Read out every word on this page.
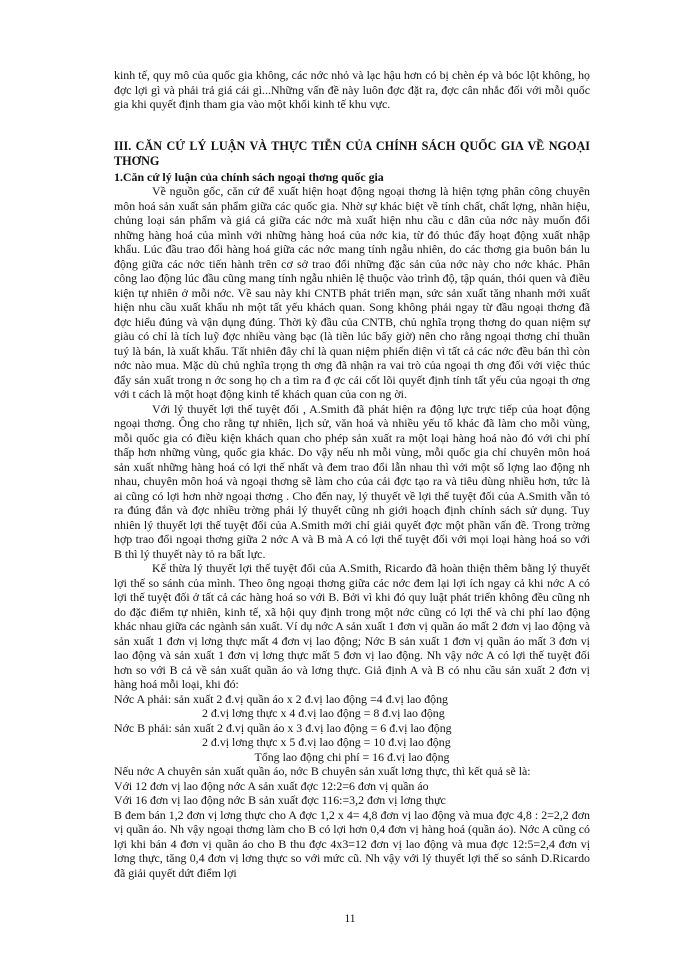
kinh tế, quy mô của quốc gia không, các nớc nhỏ và lạc hậu hơn có bị chèn ép và bóc lột không, họ đợc lợi gì và phải trả giá cái gì...Những vấn đề này luôn đợc đặt ra, đợc cân nhắc đối với mỗi quốc gia khi quyết định tham gia vào một khối kinh tế khu vực.

III. CĂN CỨ LÝ LUẬN VÀ THỰC TIỄN CỦA CHÍNH SÁCH QUỐC GIA VỀ NGOẠI THƠNG

1.Căn cứ lý luận của chính sách ngoại thơng quốc gia

Về nguồn gốc, căn cứ để xuất hiện hoạt động ngoại thơng là hiện tợng phân công chuyên môn hoá sản xuất sản phẩm giữa các quốc gia. Nhờ sự khác biệt về tính chất, chất lợng, nhãn hiệu, chủng loại sản phẩm và giá cả giữa các nớc mà xuất hiện nhu cầu c dân của nớc này muốn đổi những hàng hoá của mình với những hàng hoá của nớc kia, từ đó thúc đẩy hoạt động xuất nhập khẩu. Lúc đầu trao đổi hàng hoá giữa các nớc mang tính ngẫu nhiên, do các thơng gia buôn bán lu động giữa các nớc tiến hành trên cơ sở trao đổi những đặc sản của nớc này cho nớc khác. Phân công lao động lúc đầu cũng mang tính ngẫu nhiên lệ thuộc vào trình độ, tập quán, thói quen và điều kiện tự nhiên ở mỗi nớc. Về sau này khi CNTB phát triển mạn, sức sản xuất tăng nhanh mới xuất hiện nhu cầu xuất khẩu nh một tất yếu khách quan. Song không phải ngay từ đầu ngoại thơng đã đợc hiểu đúng và vận dụng đúng. Thời kỳ đầu của CNTB, chủ nghĩa trọng thơng do quan niệm sự giàu có chỉ là tích luỹ đợc nhiều vàng bạc (là tiền lúc bấy giờ) nên cho rằng ngoại thơng chỉ thuần tuý là bán, là xuất khẩu. Tất nhiên đây chỉ là quan niệm phiến diện vì tất cả các nớc đều bán thì còn nớc nào mua. Mặc dù chủ nghĩa trọng th ơng đã nhận ra vai trò của ngoại th ơng đối với việc thúc đẩy sản xuất trong n ớc song họ ch a tìm ra đ ợc cái cốt lõi quyết định tính tất yếu của ngoại th ơng với t cách là một hoạt động kinh tế khách quan của con ng ời.

Với lý thuyết lợi thế tuyệt đối , A.Smith đã phát hiện ra động lực trực tiếp của hoạt động ngoại thơng. Ông cho rằng tự nhiên, lịch sử, văn hoá và nhiều yếu tố khác đã làm cho mỗi vùng, mỗi quốc gia có điều kiện khách quan cho phép sản xuất ra một loại hàng hoá nào đó với chi phí thấp hơn những vùng, quốc gia khác. Do vậy nếu nh mỗi vùng, mỗi quốc gia chỉ chuyên môn hoá sản xuất những hàng hoá có lợi thế nhất và đem trao đổi lẫn nhau thì với một số lợng lao động nh nhau, chuyên môn hoá và ngoại thơng sẽ làm cho của cải đợc tạo ra và tiêu dùng nhiều hơn, tức là ai cũng có lợi hơn nhờ ngoại thơng . Cho đến nay, lý thuyết về lợi thế tuyệt đối của A.Smith vẫn tỏ ra đúng đắn và đợc nhiều trờng phái lý thuyết cũng nh giới hoạch định chính sách sử dụng. Tuy nhiên lý thuyết lợi thế tuyệt đối của A.Smith mới chỉ giải quyết đợc một phần vấn đề. Trong trờng hợp trao đổi ngoại thơng giữa 2 nớc A và B mà A có lợi thế tuyệt đối với mọi loại hàng hoá so với B thì lý thuyết này tỏ ra bất lực.

Kế thừa lý thuyết lợi thế tuyệt đối của A.Smith, Ricardo đã hoàn thiện thêm bằng lý thuyết lợi thế so sánh của mình. Theo ông ngoại thơng giữa các nớc đem lại lợi ích ngay cả khi nớc A có lợi thế tuyệt đối ở tất cả các hàng hoá so với B. Bởi vì khi đó quy luật phát triển không đều cũng nh do đặc điểm tự nhiên, kinh tế, xã hội quy định trong một nớc cũng có lợi thế và chi phí lao động khác nhau giữa các ngành sản xuất. Ví dụ nớc A sản xuất 1 đơn vị quần áo mất 2 đơn vị lao động và sản xuất 1 đơn vị lơng thực mất 4 đơn vị lao động; Nớc B sản xuất 1 đơn vị quần áo mất 3 đơn vị lao động và sản xuất 1 đơn vị lơng thực mất 5 đơn vị lao động. Nh vậy nớc A có lợi thế tuyệt đối hơn so với B cả về sản xuất quần áo và lơng thực. Giả định A và B có nhu cầu sản xuất 2 đơn vị hàng hoá mỗi loại, khi đó:

Nớc A phải: sản xuất 2 đ.vị quần áo x 2 đ.vị lao động =4 đ.vị lao động

2 đ.vị lơng thực x 4 đ.vị lao động = 8 đ.vị lao động

Nớc B phải: sản xuất 2 đ.vị quần áo x 3 đ.vị lao động = 6 đ.vị lao động

2 đ.vị lơng thực x 5 đ.vị lao động = 10 đ.vị lao động

Tổng lao động chi phí = 16 đ.vị lao động

Nếu nớc A chuyên sản xuất quần áo, nớc B chuyên sản xuất lơng thực, thì kết quả sẽ là:

Với 12 đơn vị lao động nớc A sản xuất đợc 12:2=6 đơn vị quần áo

Với 16 đơn vị lao động nớc B sản xuất đợc 116:=3,2 đơn vị lơng thực

B đem bán 1,2 đơn vị lơng thực cho A đợc 1,2 x 4= 4,8 đơn vị lao động và mua đợc 4,8 : 2=2,2 đơn vị quần áo. Nh vậy ngoại thơng làm cho B có lợi hơn 0,4 đơn vị hàng hoá (quần áo). Nớc A cũng có lợi khi bán 4 đơn vị quần áo cho B thu đợc 4x3=12 đơn vị lao động và mua đợc 12:5=2,4 đơn vị lơng thực, tăng 0,4 đơn vị lơng thực so với mức cũ. Nh vậy với lý thuyết lợi thế so sánh D.Ricardo đã giải quyết dứt điểm lợi

11
